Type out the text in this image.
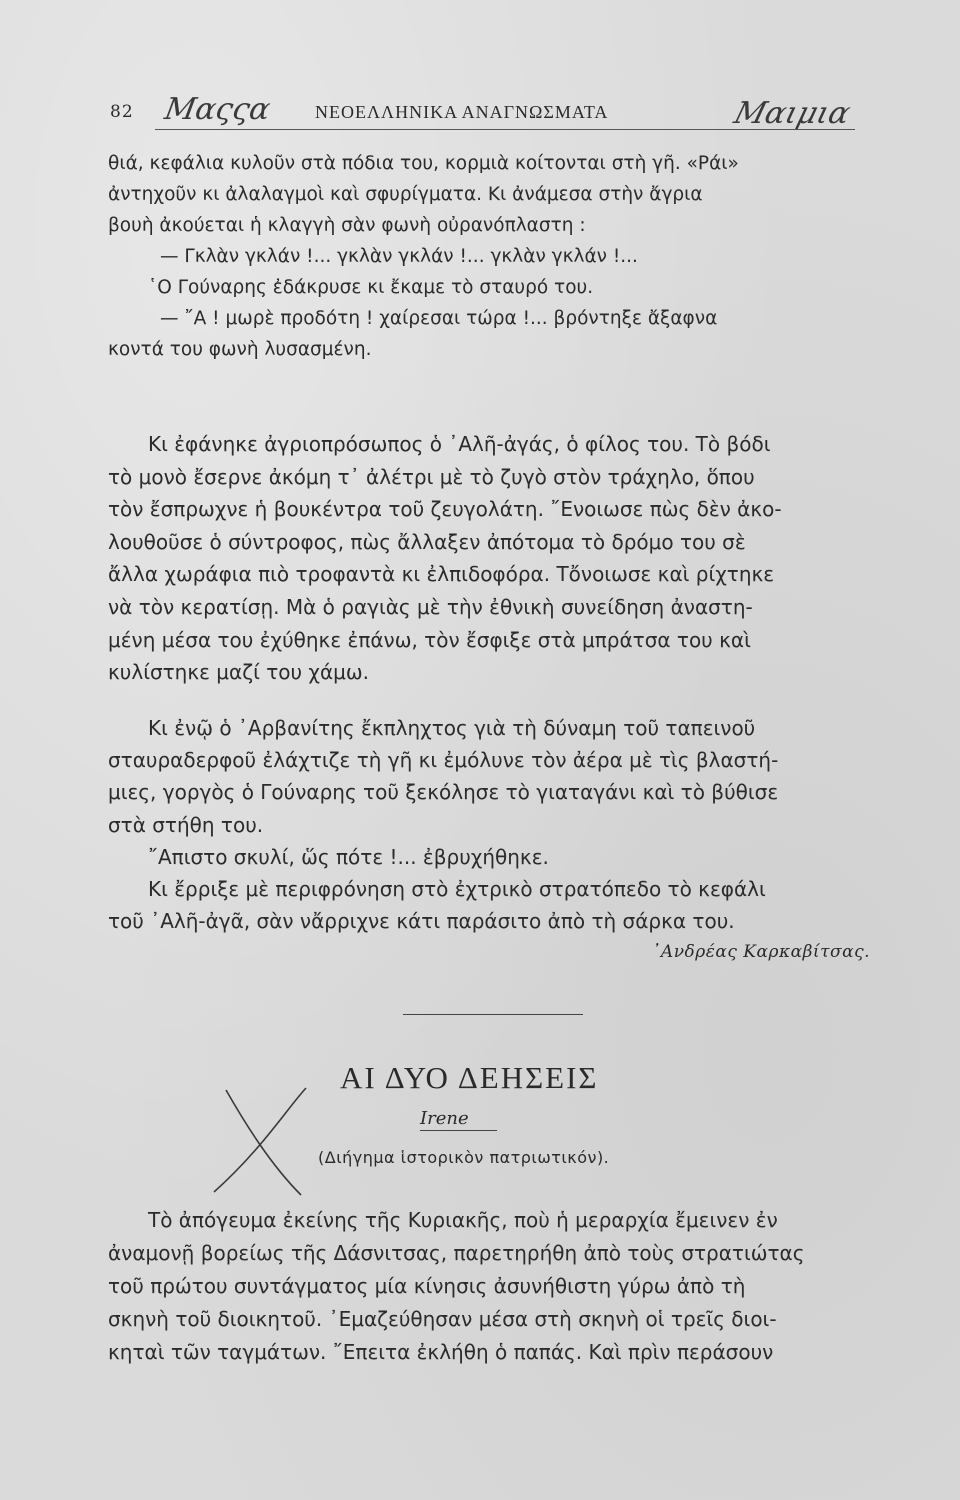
82 Μαςςα ΝΕΟΕΛΛΗΝΙΚΑ ΑΝΑΓΝΩΣΜΑΤΑ	Μαιμια
θιά, κεφάλια κυλοῦν στὰ πόδια του, κορμιὰ κοίτονται στὴ γῆ. «Ράι»
ἀντηχοῦν κι ἀλαλαγμοὶ καὶ σφυρίγματα. Κι ἀνάμεσα στὴν ἄγρια
βουὴ ἀκούεται ἡ κλαγγὴ σὰν φωνὴ οὐρανόπλαστη :
— Γκλὰν γκλάν !... γκλὰν γκλάν !... γκλὰν γκλάν !...
῾Ο Γούναρης ἐδάκρυσε κι ἔκαμε τὸ σταυρό του.
— ῎Α ! μωρὲ προδότη ! χαίρεσαι τώρα !... βρόντηξε ἄξαφνα
κοντά του φωνὴ λυσασμένη.
Κι ἐφάνηκε ἀγριοπρόσωπος ὁ ᾿Αλῆ-ἀγάς, ὁ φίλος του. Τὸ βόδι
τὸ μονὸ ἔσερνε ἀκόμη τ᾿ ἀλέτρι μὲ τὸ ζυγὸ στὸν τράχηλο, ὅπου
τὸν ἔσπρωχνε ἡ βουκέντρα τοῦ ζευγολάτη. ῎Ενοιωσε πὼς δὲν ἀκο-
λουθοῦσε ὁ σύντροφος, πὼς ἄλλαξεν ἀπότομα τὸ δρόμο του σὲ
ἄλλα χωράφια πιὸ τροφαντὰ κι ἐλπιδοφόρα. Τὄνοιωσε καὶ ρίχτηκε
νὰ τὸν κερατίσῃ. Μὰ ὁ ραγιὰς μὲ τὴν ἐθνικὴ συνείδηση ἀναστη-
μένη μέσα του ἐχύθηκε ἐπάνω, τὸν ἔσφιξε στὰ μπράτσα του καὶ
κυλίστηκε μαζί του χάμω.
Κι ἐνῷ ὁ ᾿Αρβανίτης ἔκπληχτος γιὰ τὴ δύναμη τοῦ ταπεινοῦ
σταυραδερφοῦ ἐλάχτιζε τὴ γῆ κι ἐμόλυνε τὸν ἀέρα μὲ τὶς βλαστή-
μιες, γοργὸς ὁ Γούναρης τοῦ ξεκόλησε τὸ γιαταγάνι καὶ τὸ βύθισε
στὰ στήθη του.
῎Απιστο σκυλί, ὥς πότε !... ἐβρυχήθηκε.
Κι ἔρριξε μὲ περιφρόνηση στὸ ἐχτρικὸ στρατόπεδο τὸ κεφάλι
τοῦ ᾿Αλῆ-ἀγᾶ, σὰν νἄρριχνε κάτι παράσιτο ἀπὸ τὴ σάρκα του.
᾿Ανδρέας Καρκαβίτσας.
ΑΙ ΔΥΟ ΔΕΗΣΕΙΣ
Irene
(Διήγημα ἱστορικὸν πατριωτικόν).
Τὸ ἀπόγευμα ἐκείνης τῆς Κυριακῆς, ποὺ ἡ μεραρχία ἔμεινεν ἐν
ἀναμονῇ βορείως τῆς Δάσνιτσας, παρετηρήθη ἀπὸ τοὺς στρατιώτας
τοῦ πρώτου συντάγματος μία κίνησις ἀσυνήθιστη γύρω ἀπὸ τὴ
σκηνὴ τοῦ διοικητοῦ. ᾿Εμαζεύθησαν μέσα στὴ σκηνὴ οἱ τρεῖς διοι-
κηταὶ τῶν ταγμάτων. ῎Επειτα ἐκλήθη ὁ παπάς. Καὶ πρὶν περάσουν
